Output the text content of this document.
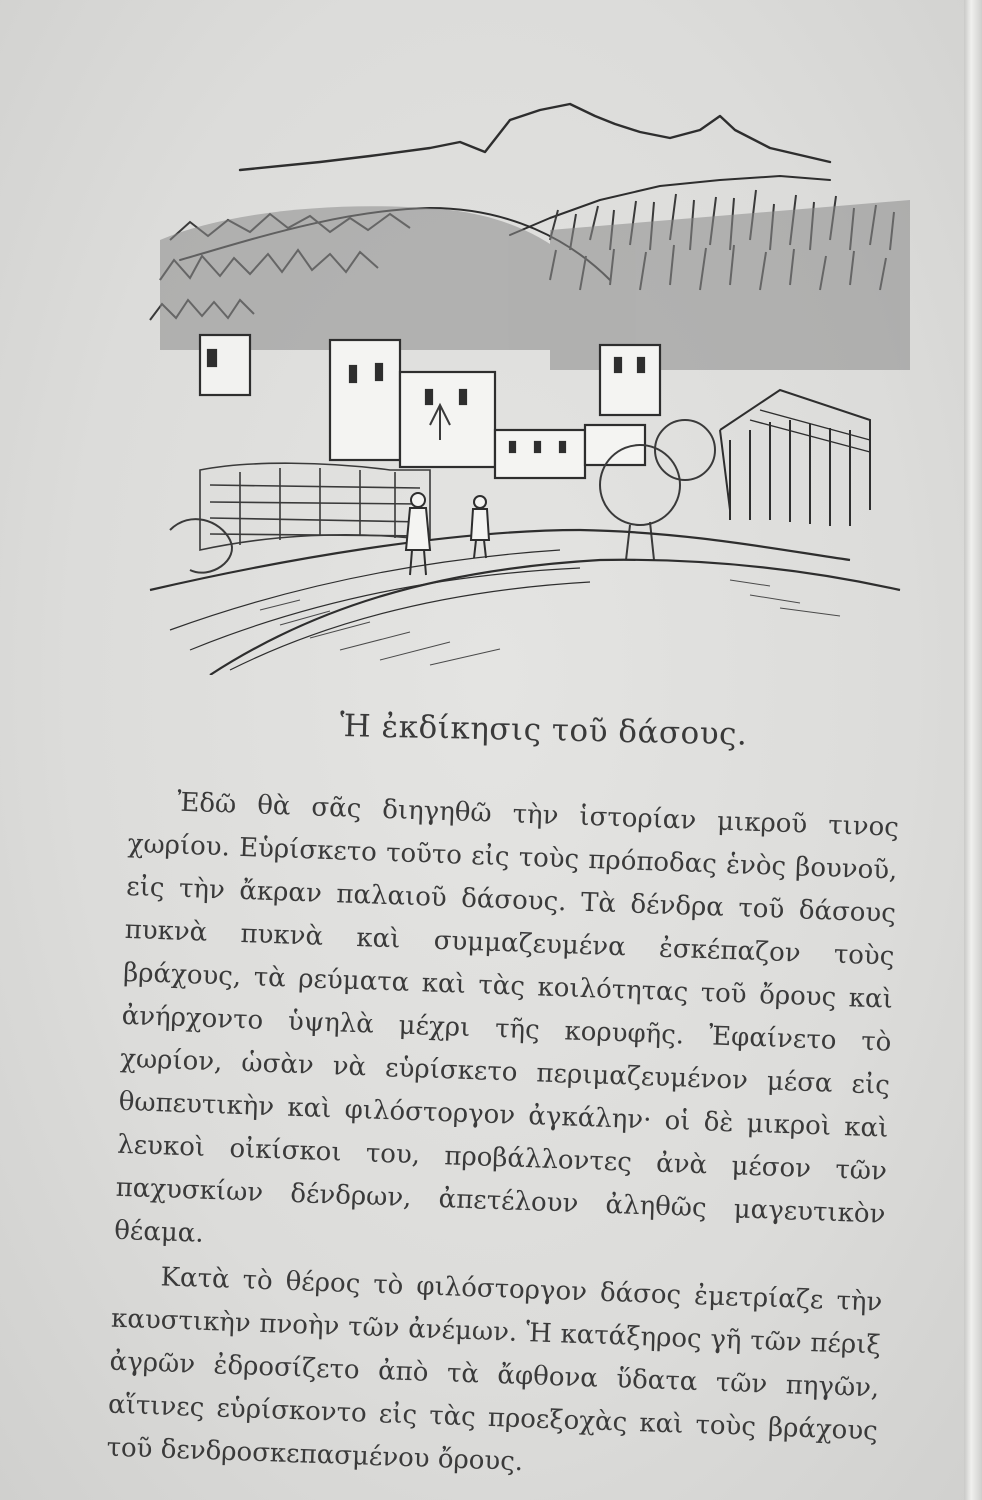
Ἡ ἐκδίκησις τοῦ δάσους.

Ἐδῶ θὰ σᾶς διηγηθῶ τὴν ἱστορίαν μικροῦ τινος χωρίου. Εὑρίσκετο τοῦτο εἰς τοὺς πρόποδας ἑνὸς βουνοῦ, εἰς τὴν ἄκραν παλαιοῦ δάσους. Τὰ δένδρα τοῦ δάσους πυκνὰ πυκνὰ καὶ συμμαζευμένα ἐσκέπαζον τοὺς βράχους, τὰ ρεύματα καὶ τὰς κοιλότητας τοῦ ὄρους καὶ ἀνήρχοντο ὑψηλὰ μέχρι τῆς κορυφῆς. Ἐφαίνετο τὸ χωρίον, ὡσὰν νὰ εὑρίσκετο περιμαζευμένον μέσα εἰς θωπευτικὴν καὶ φιλόστοργον ἀγκάλην· οἱ δὲ μικροὶ καὶ λευκοὶ οἰκίσκοι του, προβάλλοντες ἀνὰ μέσον τῶν παχυσκίων δένδρων, ἀπετέλουν ἀληθῶς μαγευτικὸν θέαμα.

Κατὰ τὸ θέρος τὸ φιλόστοργον δάσος ἐμετρίαζε τὴν καυστικὴν πνοὴν τῶν ἀνέμων. Ἡ κατάξηρος γῆ τῶν πέριξ ἀγρῶν ἐδροσίζετο ἀπὸ τὰ ἄφθονα ὕδατα τῶν πηγῶν, αἵτινες εὑρίσκοντο εἰς τὰς προεξοχὰς καὶ τοὺς βράχους τοῦ δενδροσκεπασμένου ὄρους.
